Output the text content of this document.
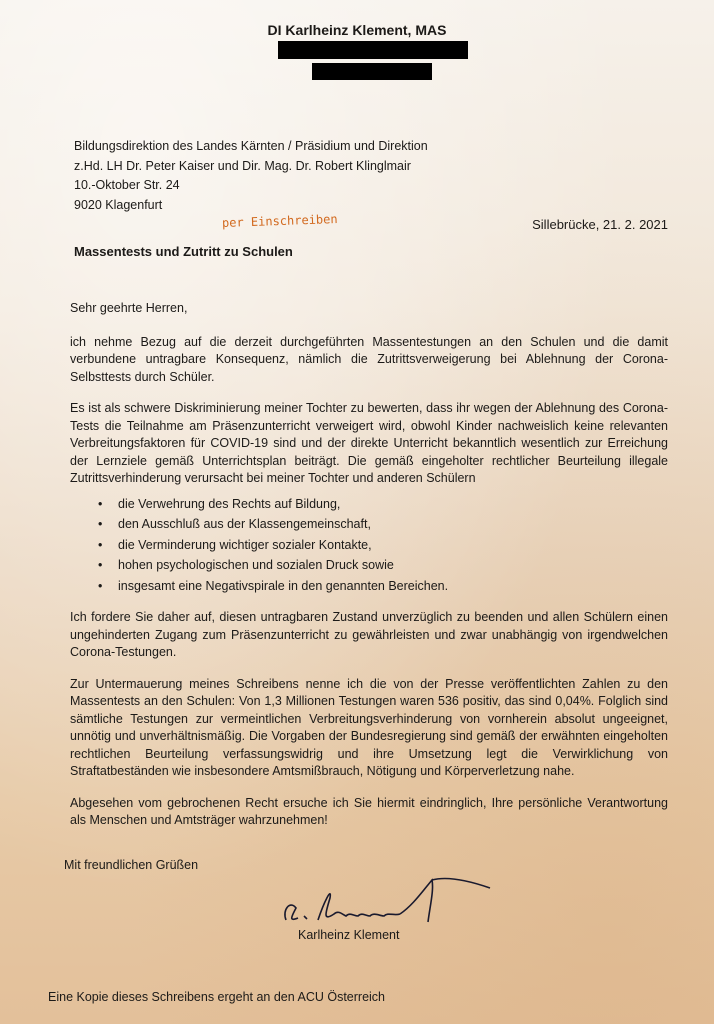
DI Karlheinz Klement, MAS
Bildungsdirektion des Landes Kärnten / Präsidium und Direktion
z.Hd. LH Dr. Peter Kaiser und Dir. Mag. Dr. Robert Klinglmair
10.-Oktober Str. 24
9020 Klagenfurt
per Einschreiben	Sillebrücke, 21. 2. 2021
Massentests und Zutritt zu Schulen

Sehr geehrte Herren,

ich nehme Bezug auf die derzeit durchgeführten Massentestungen an den Schulen und die damit verbundene untragbare Konsequenz, nämlich die Zutrittsverweigerung bei Ablehnung der Corona-Selbsttests durch Schüler.

Es ist als schwere Diskriminierung meiner Tochter zu bewerten, dass ihr wegen der Ablehnung des Corona-Tests die Teilnahme am Präsenzunterricht verweigert wird, obwohl Kinder nachweislich keine relevanten Verbreitungsfaktoren für COVID-19 sind und der direkte Unterricht bekanntlich wesentlich zur Erreichung der Lernziele gemäß Unterrichtsplan beiträgt. Die gemäß eingeholter rechtlicher Beurteilung illegale Zutrittsverhinderung verursacht bei meiner Tochter und anderen Schülern

• die Verwehrung des Rechts auf Bildung,
• den Ausschluß aus der Klassengemeinschaft,
• die Verminderung wichtiger sozialer Kontakte,
• hohen psychologischen und sozialen Druck sowie
• insgesamt eine Negativspirale in den genannten Bereichen.

Ich fordere Sie daher auf, diesen untragbaren Zustand unverzüglich zu beenden und allen Schülern einen ungehinderten Zugang zum Präsenzunterricht zu gewährleisten und zwar unabhängig von irgendwelchen Corona-Testungen.

Zur Untermauerung meines Schreibens nenne ich die von der Presse veröffentlichten Zahlen zu den Massentests an den Schulen: Von 1,3 Millionen Testungen waren 536 positiv, das sind 0,04%. Folglich sind sämtliche Testungen zur vermeintlichen Verbreitungsverhinderung von vornherein absolut ungeeignet, unnötig und unverhältnismäßig. Die Vorgaben der Bundesregierung sind gemäß der erwähnten eingeholten rechtlichen Beurteilung verfassungswidrig und ihre Umsetzung legt die Verwirklichung von Straftatbeständen wie insbesondere Amtsmißbrauch, Nötigung und Körperverletzung nahe.

Abgesehen vom gebrochenen Recht ersuche ich Sie hiermit eindringlich, Ihre persönliche Verantwortung als Menschen und Amtsträger wahrzunehmen!

Mit freundlichen Grüßen
Karlheinz Klement
Eine Kopie dieses Schreibens ergeht an den ACU Österreich
